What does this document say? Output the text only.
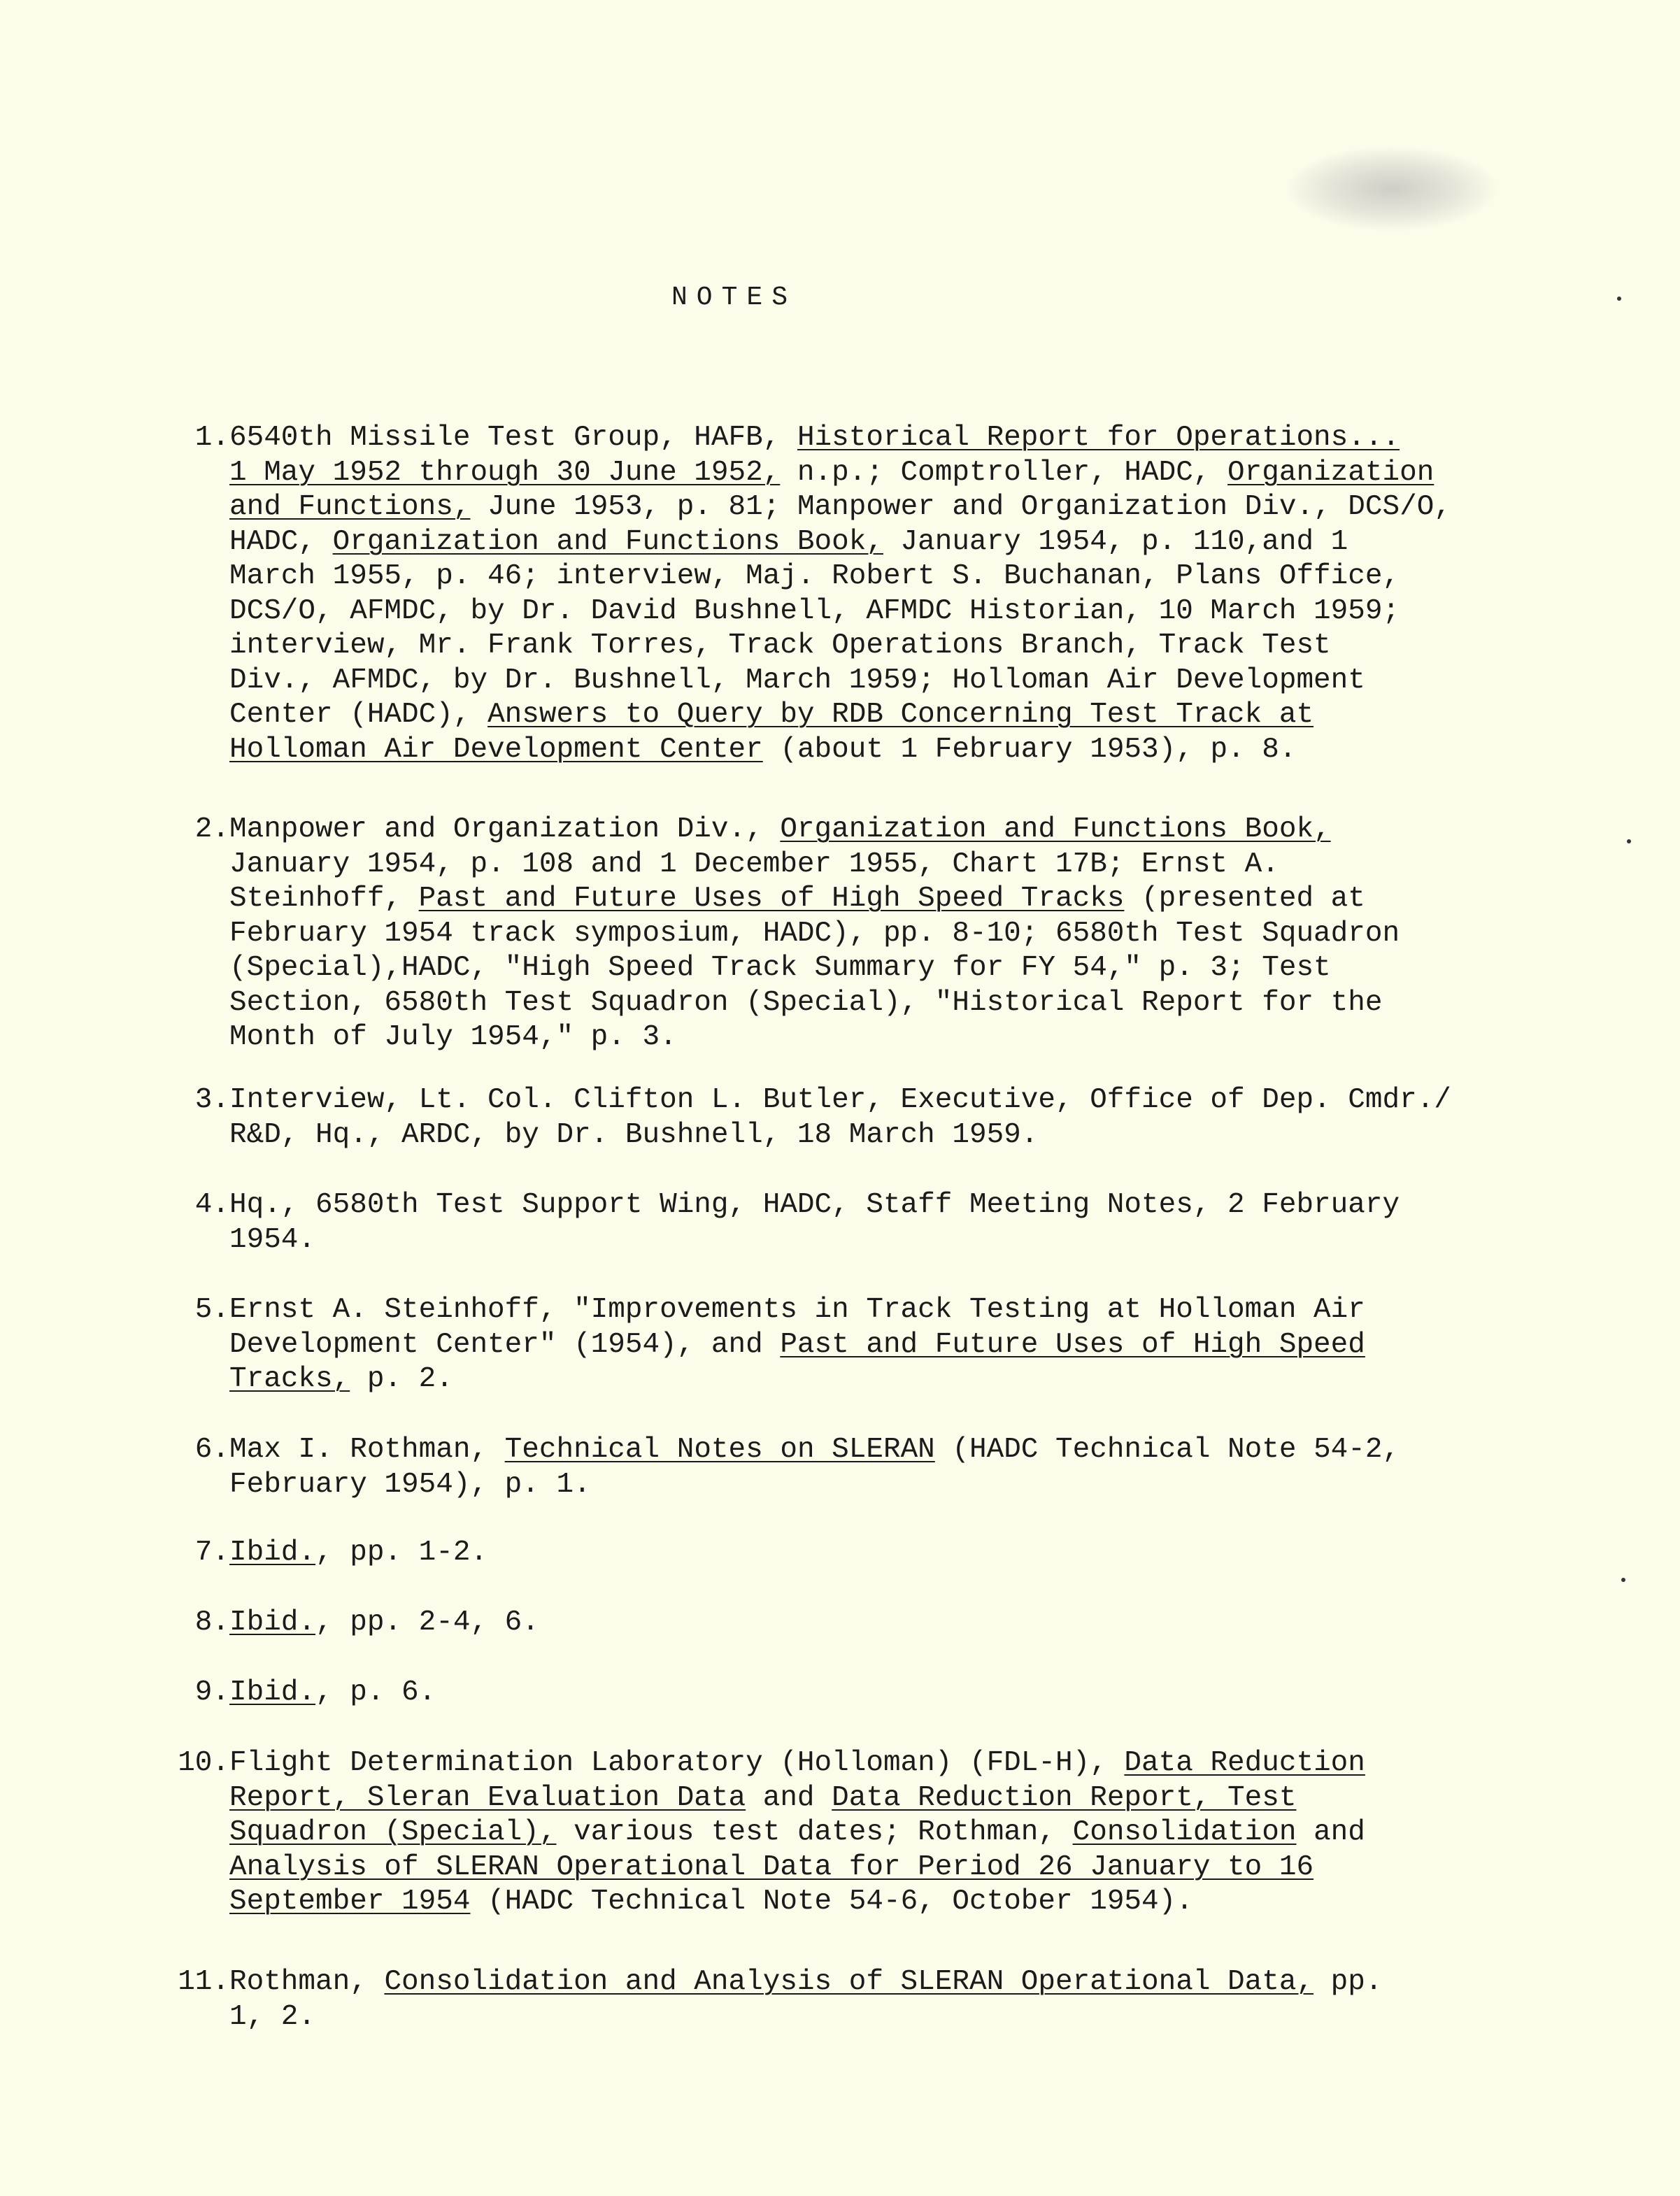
NOTES
1. 6540th Missile Test Group, HAFB, Historical Report for Operations...
1 May 1952 through 30 June 1952, n.p.; Comptroller, HADC, Organization
and Functions, June 1953, p. 81; Manpower and Organization Div., DCS/O,
HADC, Organization and Functions Book, January 1954, p. 110,and 1
March 1955, p. 46; interview, Maj. Robert S. Buchanan, Plans Office,
DCS/O, AFMDC, by Dr. David Bushnell, AFMDC Historian, 10 March 1959;
interview, Mr. Frank Torres, Track Operations Branch, Track Test
Div., AFMDC, by Dr. Bushnell, March 1959; Holloman Air Development
Center (HADC), Answers to Query by RDB Concerning Test Track at
Holloman Air Development Center (about 1 February 1953), p. 8.
2. Manpower and Organization Div., Organization and Functions Book,
January 1954, p. 108 and 1 December 1955, Chart 17B; Ernst A.
Steinhoff, Past and Future Uses of High Speed Tracks (presented at
February 1954 track symposium, HADC), pp. 8-10; 6580th Test Squadron
(Special),HADC, "High Speed Track Summary for FY 54," p. 3; Test
Section, 6580th Test Squadron (Special), "Historical Report for the
Month of July 1954," p. 3.
3. Interview, Lt. Col. Clifton L. Butler, Executive, Office of Dep. Cmdr./
R&D, Hq., ARDC, by Dr. Bushnell, 18 March 1959.
4. Hq., 6580th Test Support Wing, HADC, Staff Meeting Notes, 2 February
1954.
5. Ernst A. Steinhoff, "Improvements in Track Testing at Holloman Air
Development Center" (1954), and Past and Future Uses of High Speed
Tracks, p. 2.
6. Max I. Rothman, Technical Notes on SLERAN (HADC Technical Note 54-2,
February 1954), p. 1.
7. Ibid., pp. 1-2.
8. Ibid., pp. 2-4, 6.
9. Ibid., p. 6.
10. Flight Determination Laboratory (Holloman) (FDL-H), Data Reduction
Report, Sleran Evaluation Data and Data Reduction Report, Test
Squadron (Special), various test dates; Rothman, Consolidation and
Analysis of SLERAN Operational Data for Period 26 January to 16
September 1954 (HADC Technical Note 54-6, October 1954).
11. Rothman, Consolidation and Analysis of SLERAN Operational Data, pp.
1, 2.
